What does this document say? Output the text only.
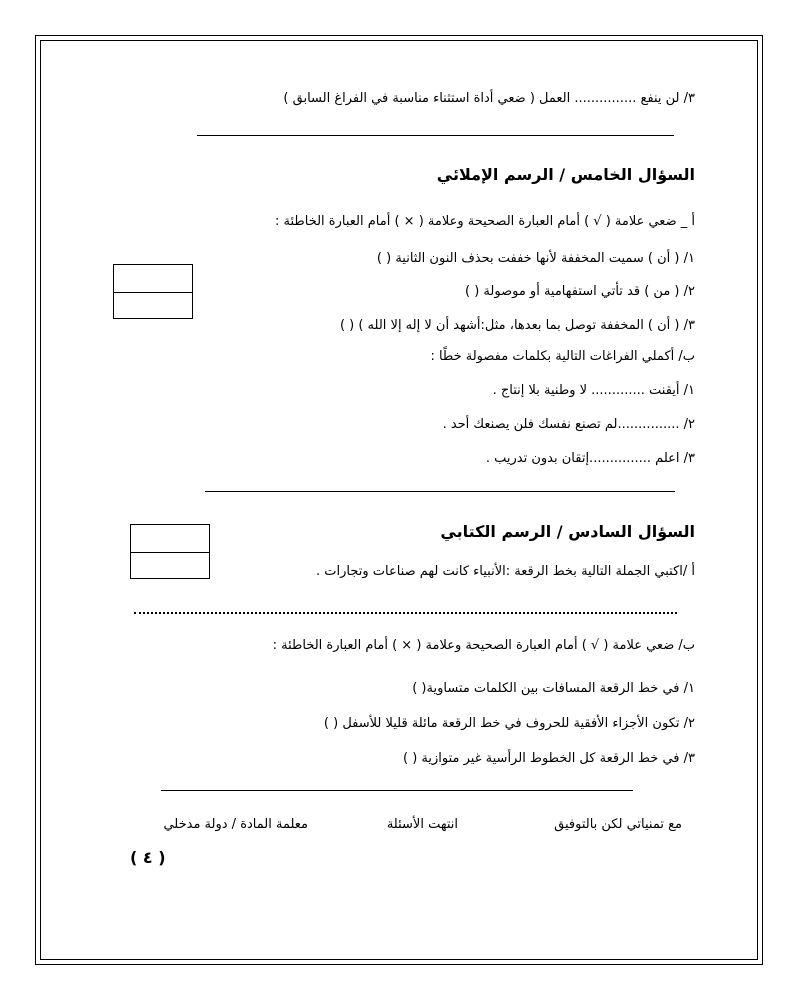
٣/ لن ينفع ............... العمل ( ضعي أداة استثناء مناسبة في الفراغ السابق )
السؤال الخامس / الرسم الإملائي
أ _ ضعي علامة ( √ ) أمام العبارة الصحيحة وعلامة ( × ) أمام العبارة الخاطئة :
١/ ( أن ) سميت المخففة لأنها خففت بحذف النون الثانية ( )
٢/ ( من ) قد تأتي استفهامية أو موصولة ( )
٣/ ( أن ) المخففة توصل بما بعدها، مثل:أشهد أن لا إله إلا الله ) ( )
ب/ أكملي الفراغات التالية بكلمات مفصولة خطًا :
١/ أيقنت ............. لا وطنية بلا إنتاج .
٢/ ...............لم تصنع نفسك فلن يصنعك أحد .
٣/ اعلم ...............إتقان بدون تدريب .
السؤال السادس / الرسم الكتابي
أ /اكتبي الجملة التالية بخط الرقعة :الأنبياء كانت لهم صناعات وتجارات .
ب/ ضعي علامة ( √ ) أمام العبارة الصحيحة وعلامة ( × ) أمام العبارة الخاطئة :
١/ في خط الرقعة المسافات بين الكلمات متساوية( )
٢/ تكون الأجزاء الأفقية للحروف في خط الرقعة مائلة قليلا للأسفل ( )
٣/ في خط الرقعة كل الخطوط الرأسية غير متوازية ( )
مع تمنياتي لكن بالتوفيق
انتهت الأسئلة
معلمة المادة / دولة مدخلي
( ٤ )
